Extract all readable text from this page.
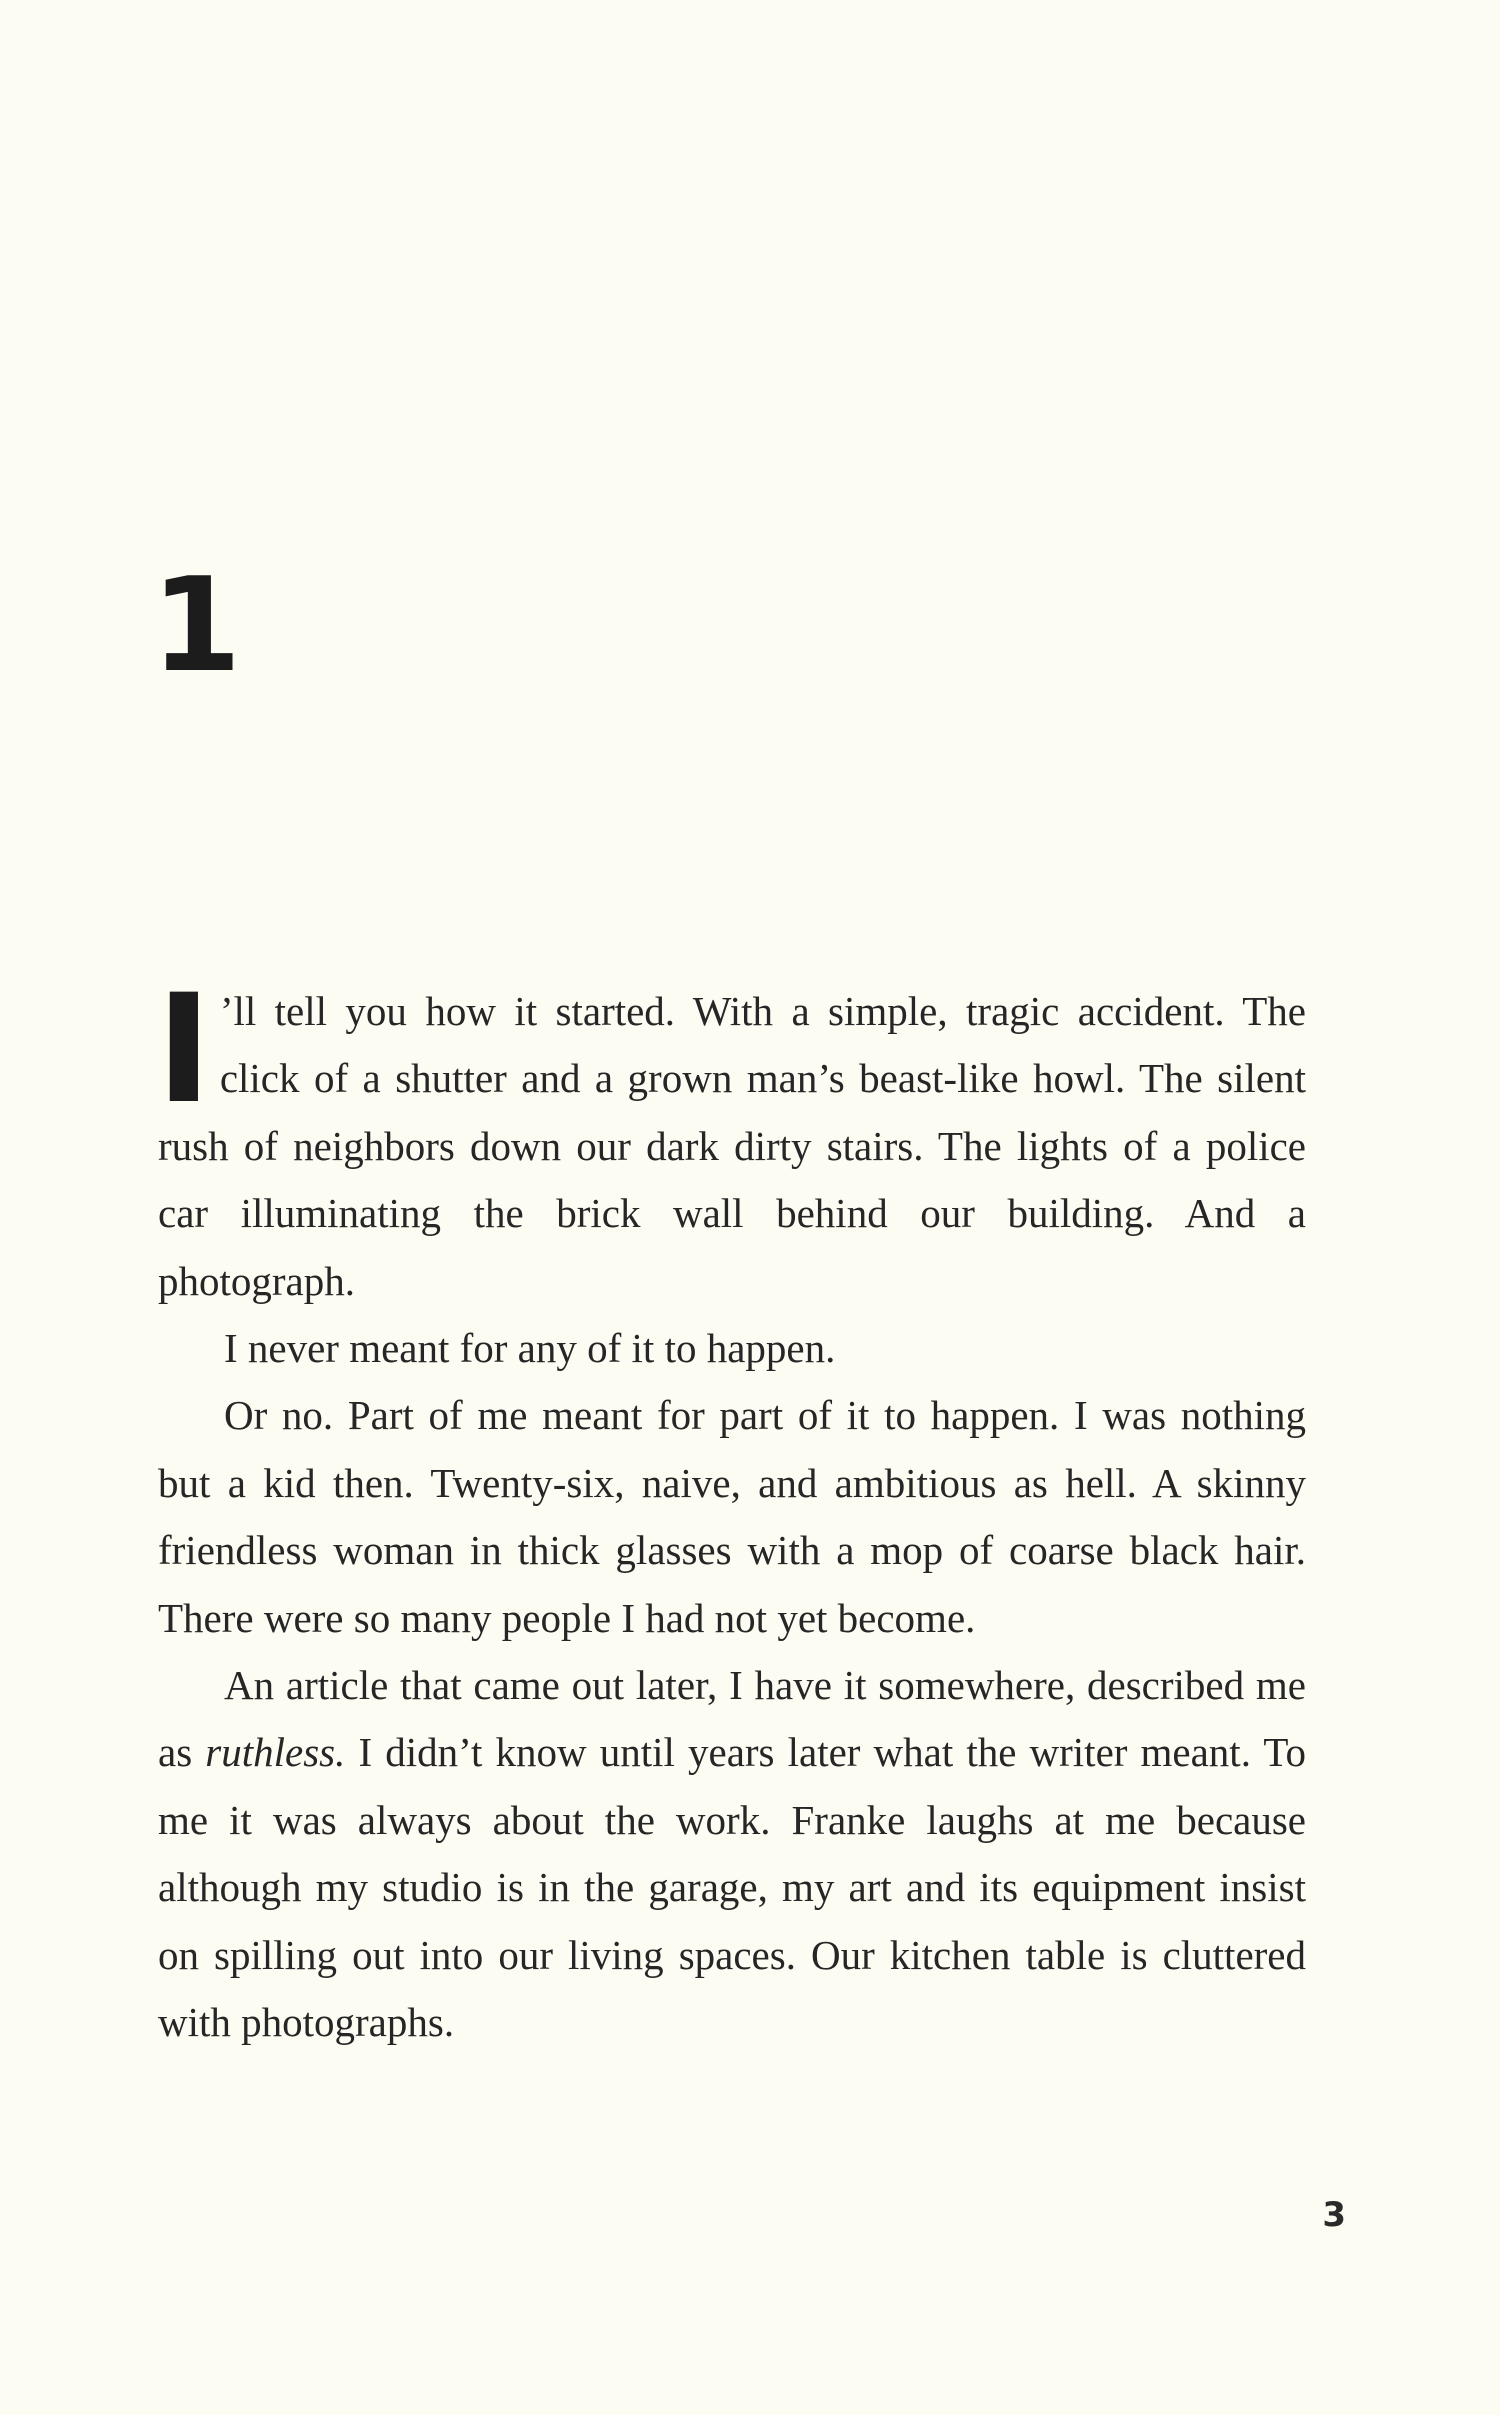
1

I ’ll tell you how it started. With a simple, tragic accident. The click of a shutter and a grown man’s beast-like howl. The silent rush of neighbors down our dark dirty stairs. The lights of a police car illuminating the brick wall behind our building. And a photograph.

I never meant for any of it to happen.

Or no. Part of me meant for part of it to happen. I was nothing but a kid then. Twenty-six, naive, and ambitious as hell. A skinny friendless woman in thick glasses with a mop of coarse black hair. There were so many people I had not yet become.

An article that came out later, I have it somewhere, described me as ruthless. I didn’t know until years later what the writer meant. To me it was always about the work. Franke laughs at me because although my studio is in the garage, my art and its equipment insist on spilling out into our living spaces. Our kitchen table is cluttered with photographs.

3
